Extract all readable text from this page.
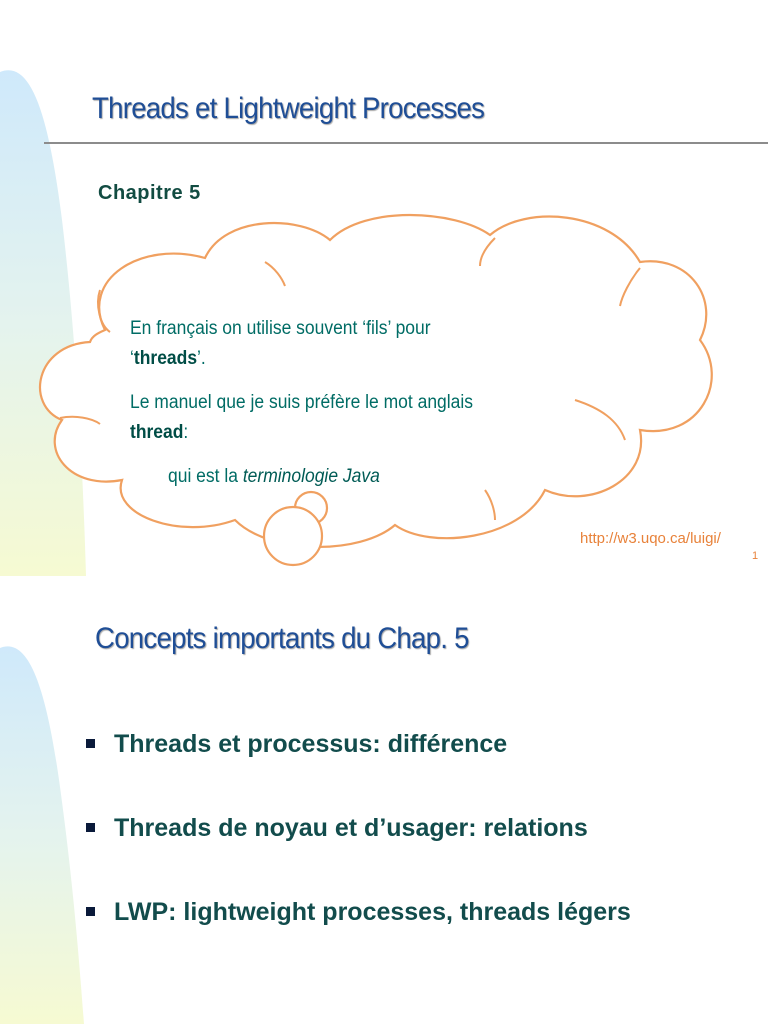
Threads et Lightweight Processes
Chapitre 5
En français on utilise souvent ‘fils’ pour
‘threads’.
Le manuel que je suis préfère le mot anglais
thread:
qui est la terminologie Java
http://w3.uqo.ca/luigi/
1
Concepts importants du Chap. 5
Threads et processus: différence
Threads de noyau et d’usager: relations
LWP: lightweight processes, threads légers
